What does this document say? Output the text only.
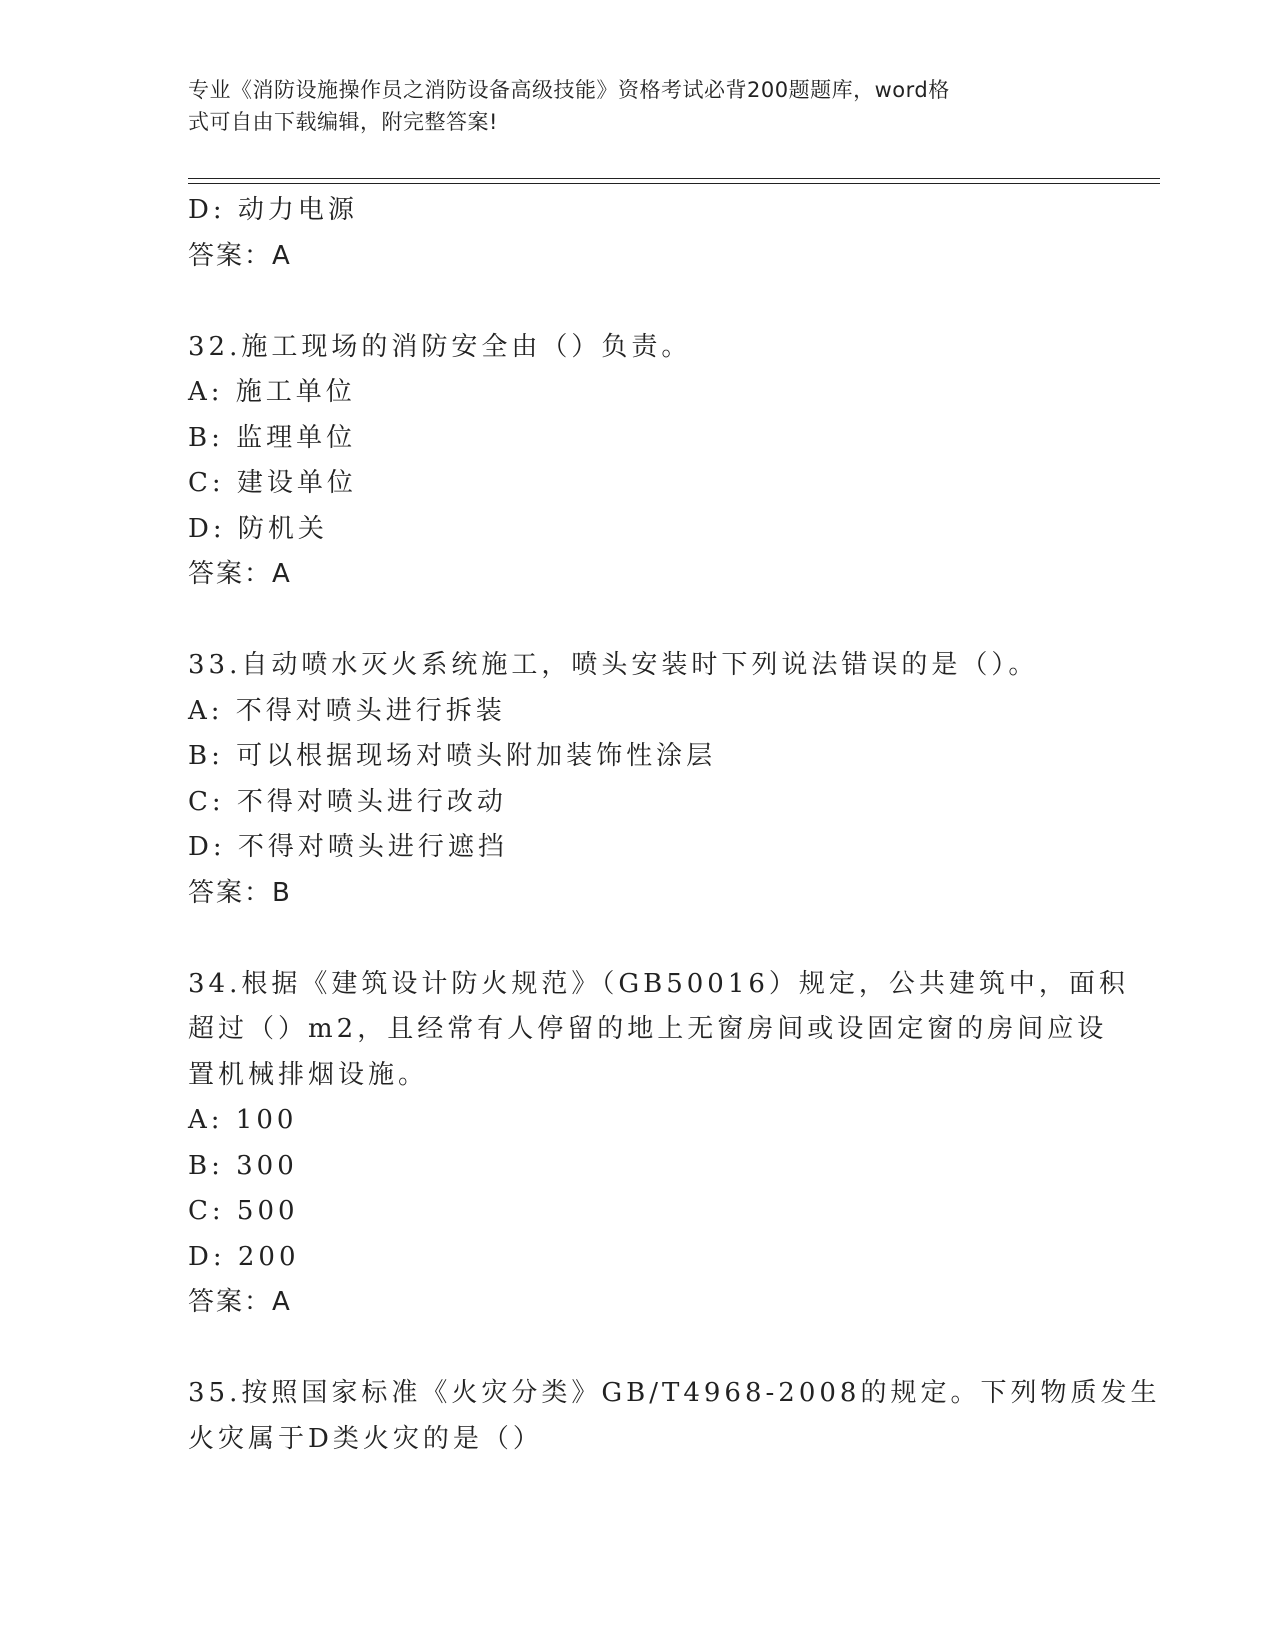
专业《消防设施操作员之消防设备高级技能》资格考试必背200题题库，word格
式可自由下载编辑，附完整答案!
D: 动力电源
答案：A
32.施工现场的消防安全由（）负责。
A: 施工单位
B: 监理单位
C: 建设单位
D: 防机关
答案：A
33.自动喷水灭火系统施工，喷头安装时下列说法错误的是（）。
A: 不得对喷头进行拆装
B: 可以根据现场对喷头附加装饰性涂层
C: 不得对喷头进行改动
D: 不得对喷头进行遮挡
答案：B
34.根据《建筑设计防火规范》（GB50016）规定，公共建筑中，面积
超过（）m2，且经常有人停留的地上无窗房间或设固定窗的房间应设
置机械排烟设施。
A: 100
B: 300
C: 500
D: 200
答案：A
35.按照国家标准《火灾分类》GB/T4968-2008的规定。下列物质发生
火灾属于D类火灾的是（）
